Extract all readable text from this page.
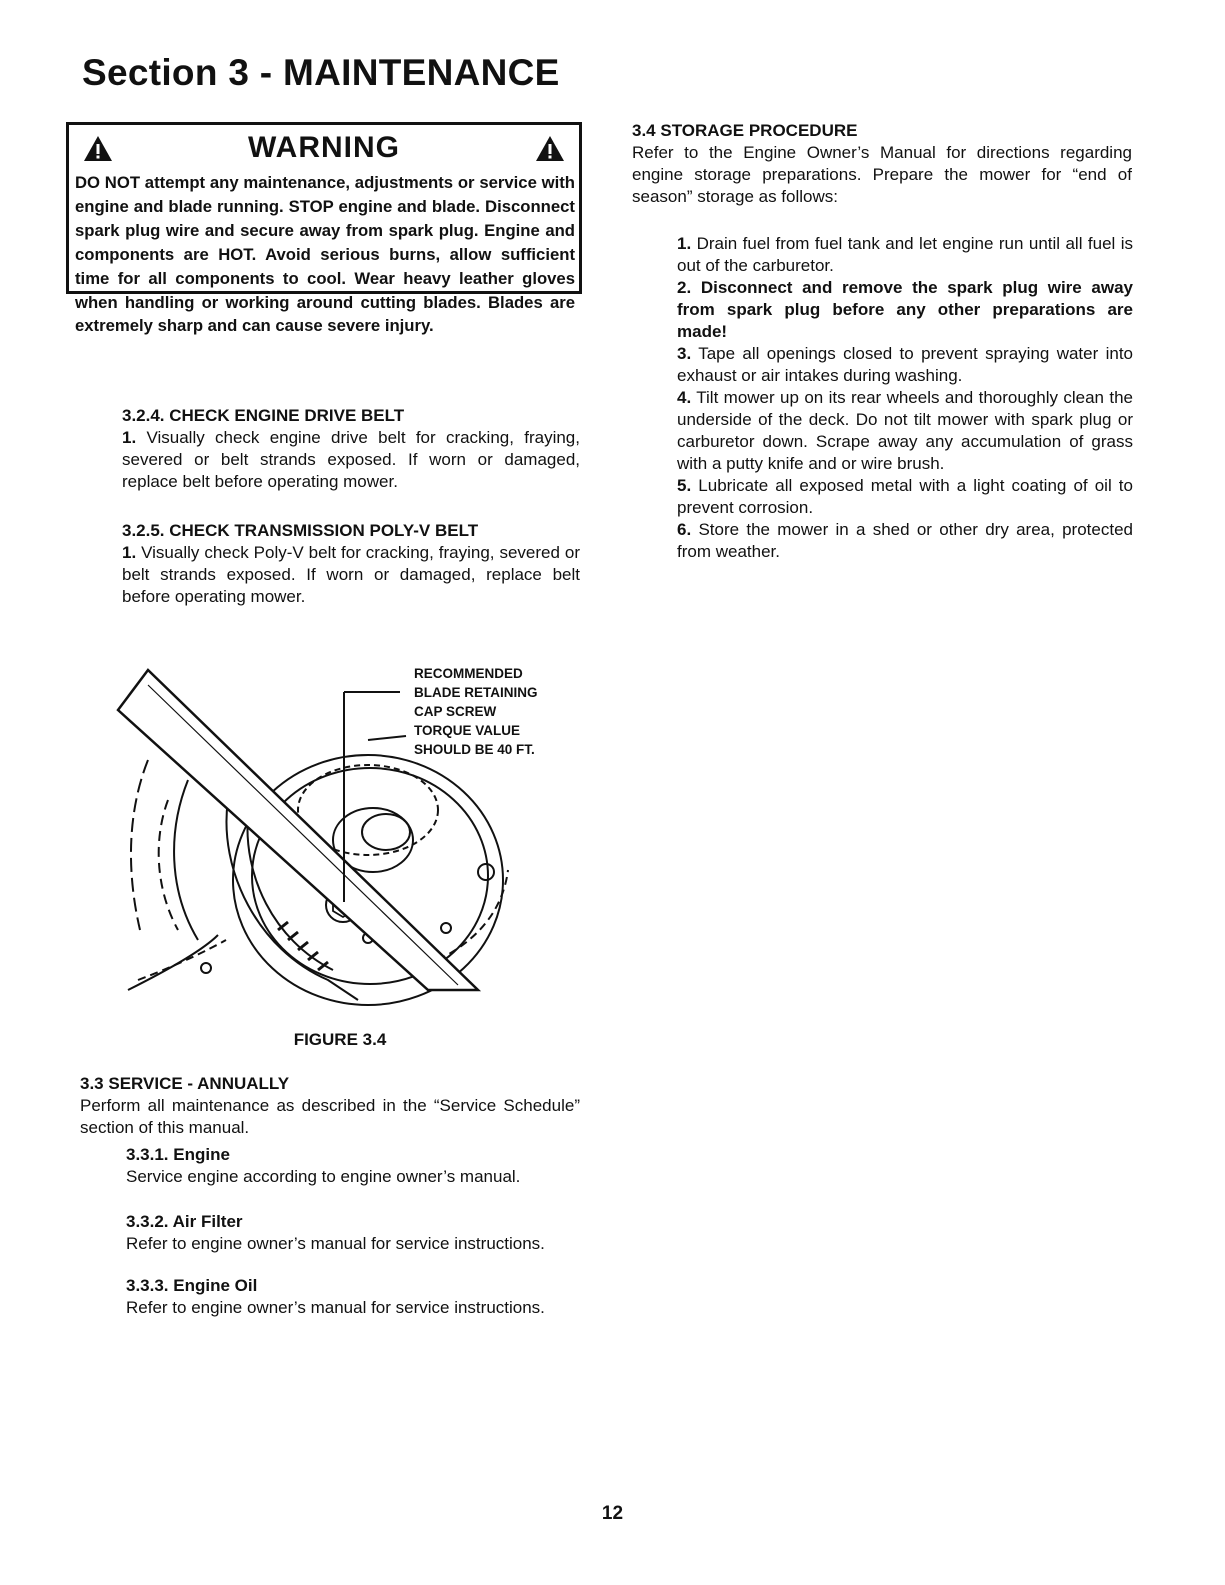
Section 3 - MAINTENANCE
WARNING
DO NOT attempt any maintenance, adjustments or service with engine and blade running. STOP engine and blade. Disconnect spark plug wire and secure away from spark plug. Engine and components are HOT. Avoid serious burns, allow sufficient time for all components to cool. Wear heavy leather gloves when handling or working around cutting blades. Blades are extremely sharp and can cause severe injury.
3.2.4. CHECK ENGINE DRIVE BELT

1. Visually check engine drive belt for cracking, fraying, severed or belt strands exposed. If worn or damaged, replace belt before operating mower.

3.2.5. CHECK TRANSMISSION POLY-V BELT

1. Visually check Poly-V belt for cracking, fraying, severed or belt strands exposed. If worn or damaged, replace belt before operating mower.

RECOMMENDED
BLADE RETAINING
CAP SCREW
TORQUE VALUE
SHOULD BE 40 FT.
FIGURE 3.4
3.3 SERVICE - ANNUALLY

Perform all maintenance as described in the “Service Schedule” section of this manual.

3.3.1. Engine

Service engine according to engine owner’s manual.

3.3.2. Air Filter

Refer to engine owner’s manual for service instructions.

3.3.3. Engine Oil

Refer to engine owner’s manual for service instructions.

3.4 STORAGE PROCEDURE

Refer to the Engine Owner’s Manual for directions regarding engine storage preparations. Prepare the mower for “end of season” storage as follows:

1. Drain fuel from fuel tank and let engine run until all fuel is out of the carburetor.

2. Disconnect and remove the spark plug wire away from spark plug before any other preparations are made!

3. Tape all openings closed to prevent spraying water into exhaust or air intakes during washing.

4. Tilt mower up on its rear wheels and thoroughly clean the underside of the deck. Do not tilt mower with spark plug or carburetor down. Scrape away any accumulation of grass with a putty knife and or wire brush.

5. Lubricate all exposed metal with a light coating of oil to prevent corrosion.

6. Store the mower in a shed or other dry area, protected from weather.

12
